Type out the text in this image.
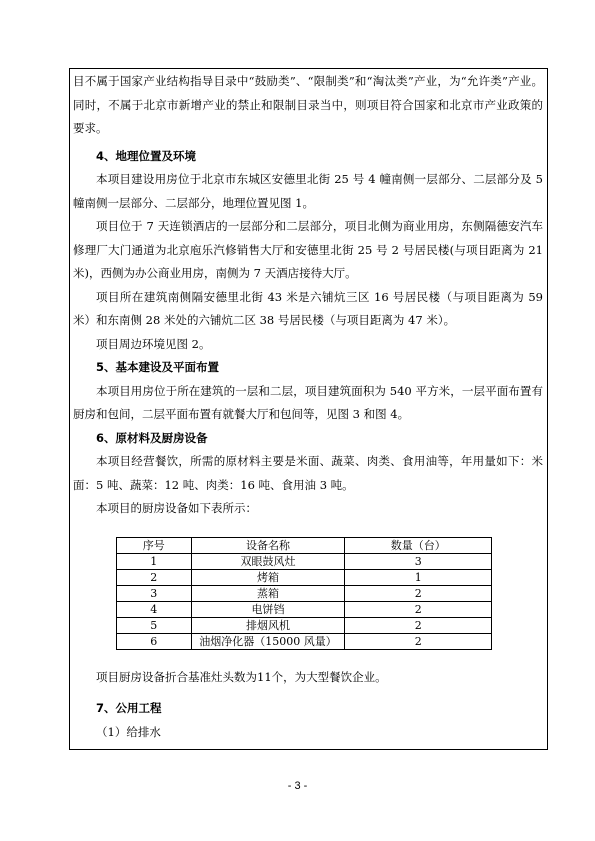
目不属于国家产业结构指导目录中“鼓励类”、“限制类”和“淘汰类”产业，为“允许类”产业。同时，不属于北京市新增产业的禁止和限制目录当中，则项目符合国家和北京市产业政策的要求。

4、地理位置及环境

本项目建设用房位于北京市东城区安德里北街 25 号 4 幢南侧一层部分、二层部分及 5 幢南侧一层部分、二层部分，地理位置见图 1。

项目位于 7 天连锁酒店的一层部分和二层部分，项目北侧为商业用房，东侧隔德安汽车修理厂大门通道为北京庖乐汽修销售大厅和安德里北街 25 号 2 号居民楼(与项目距离为 21 米)，西侧为办公商业用房，南侧为 7 天酒店接待大厅。

项目所在建筑南侧隔安德里北街 43 米是六铺炕三区 16 号居民楼（与项目距离为 59 米）和东南侧 28 米处的六铺炕二区 38 号居民楼（与项目距离为 47 米）。

项目周边环境见图 2。

5、基本建设及平面布置

本项目用房位于所在建筑的一层和二层，项目建筑面积为 540 平方米，一层平面布置有厨房和包间，二层平面布置有就餐大厅和包间等，见图 3 和图 4。

6、原材料及厨房设备

本项目经营餐饮，所需的原材料主要是米面、蔬菜、肉类、食用油等，年用量如下：米面：5 吨、蔬菜：12 吨、肉类：16 吨、食用油 3 吨。

本项目的厨房设备如下表所示：

序号	设备名称	数量（台）
1	双眼鼓风灶	3
2	烤箱	1
3	蒸箱	2
4	电饼铛	2
5	排烟风机	2
6	油烟净化器（15000 风量）	2

项目厨房设备折合基准灶头数为11个，为大型餐饮企业。

7、公用工程

（1）给排水

- 3 -
